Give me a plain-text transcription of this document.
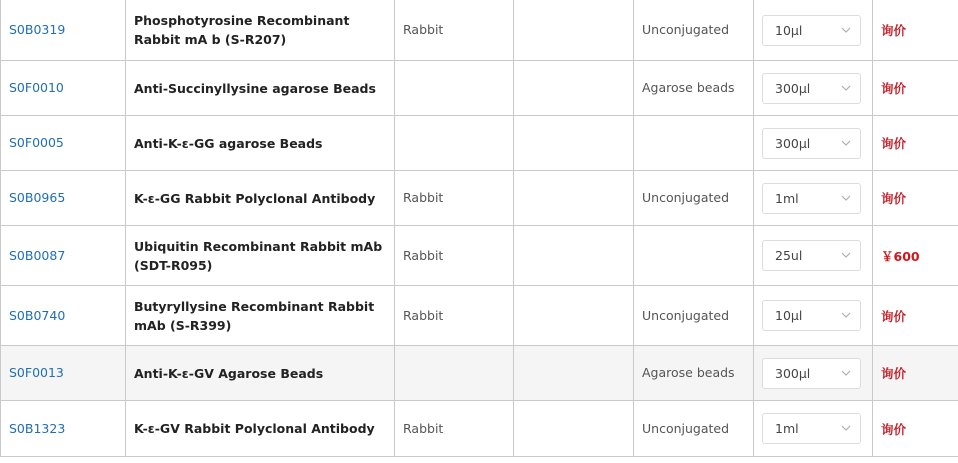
S0B0319	Phosphotyrosine Recombinant Rabbit mA b (S-R207)	Rabbit		Unconjugated	10µl	询价
S0F0010	Anti-Succinyllysine agarose Beads			Agarose beads	300µl	询价
S0F0005	Anti-K-ε-GG agarose Beads				300µl	询价
S0B0965	K-ε-GG Rabbit Polyclonal Antibody	Rabbit		Unconjugated	1ml	询价
S0B0087	Ubiquitin Recombinant Rabbit mAb (SDT-R095)	Rabbit			25ul	￥600
S0B0740	Butyryllysine Recombinant Rabbit mAb (S-R399)	Rabbit		Unconjugated	10µl	询价
S0F0013	Anti-K-ε-GV Agarose Beads			Agarose beads	300µl	询价
S0B1323	K-ε-GV Rabbit Polyclonal Antibody	Rabbit		Unconjugated	1ml	询价
